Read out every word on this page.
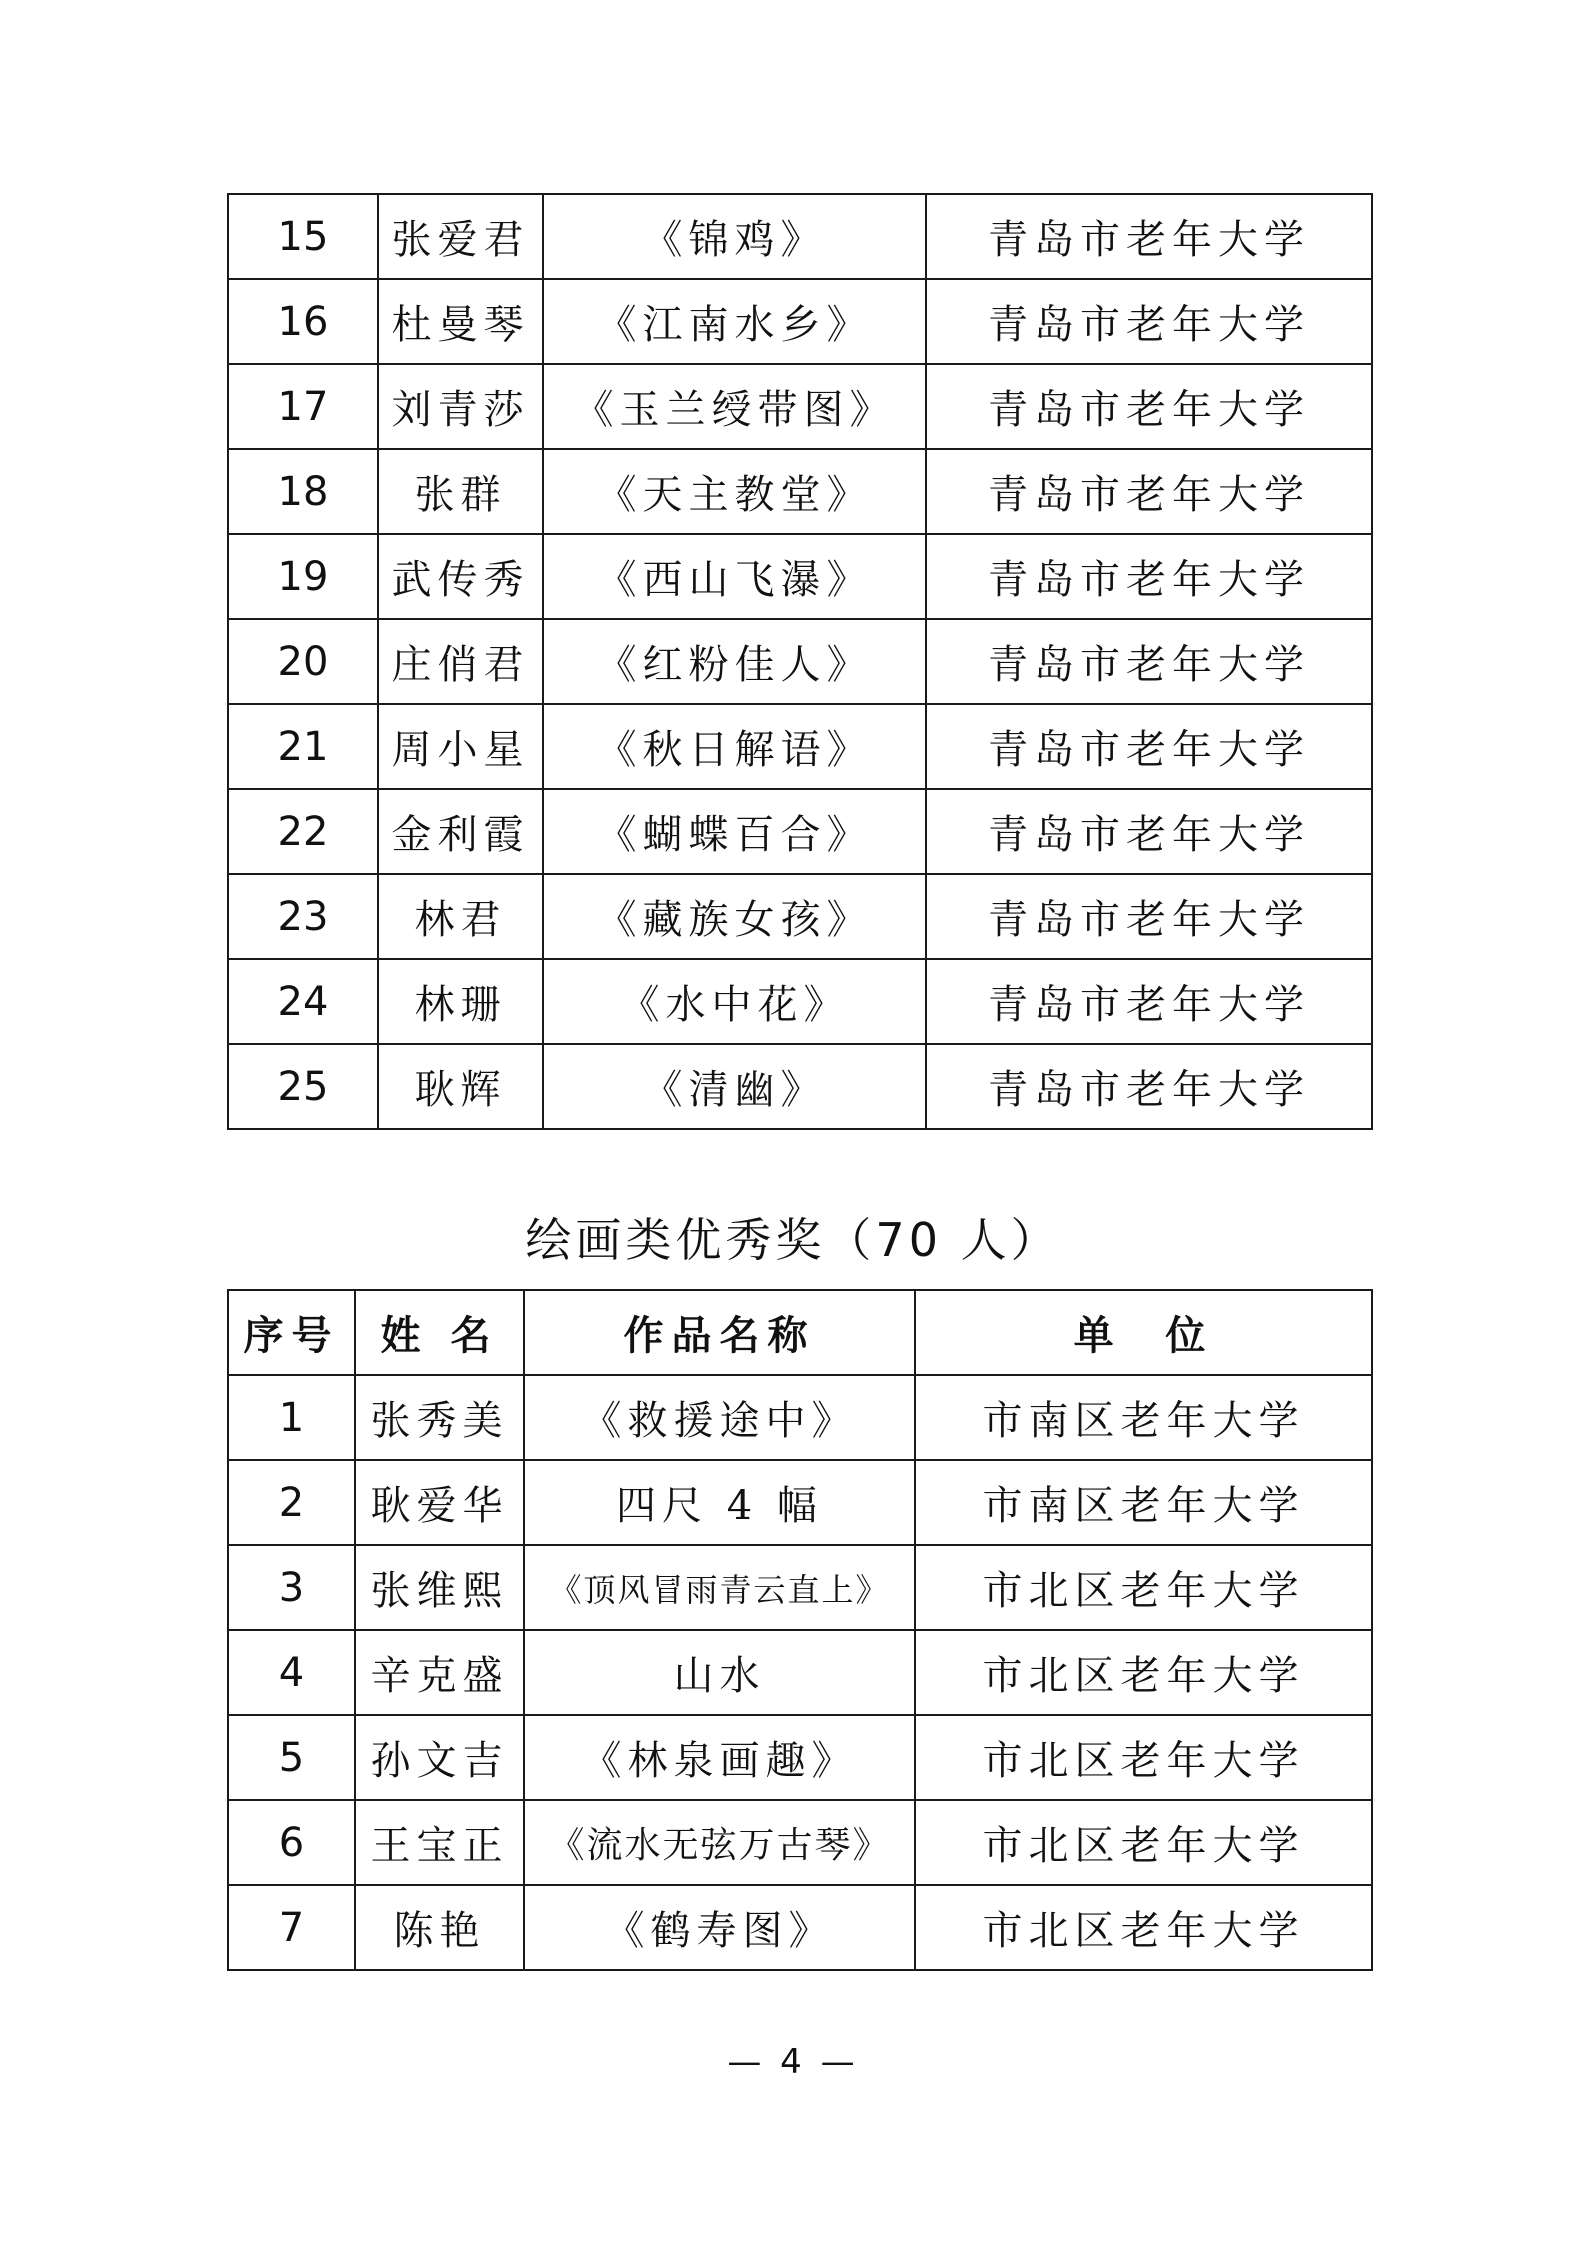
15	张爱君	《锦鸡》	青岛市老年大学
16	杜曼琴	《江南水乡》	青岛市老年大学
17	刘青莎	《玉兰绶带图》	青岛市老年大学
18	张群	《天主教堂》	青岛市老年大学
19	武传秀	《西山飞瀑》	青岛市老年大学
20	庄俏君	《红粉佳人》	青岛市老年大学
21	周小星	《秋日解语》	青岛市老年大学
22	金利霞	《蝴蝶百合》	青岛市老年大学
23	林君	《藏族女孩》	青岛市老年大学
24	林珊	《水中花》	青岛市老年大学
25	耿辉	《清幽》	青岛市老年大学
绘画类优秀奖（70 人）
序号	姓 名	作品名称	单  位
1	张秀美	《救援途中》	市南区老年大学
2	耿爱华	四尺 4 幅	市南区老年大学
3	张维熙	《顶风冒雨青云直上》	市北区老年大学
4	辛克盛	山水	市北区老年大学
5	孙文吉	《林泉画趣》	市北区老年大学
6	王宝正	《流水无弦万古琴》	市北区老年大学
7	陈艳	《鹤寿图》	市北区老年大学
— 4 —
